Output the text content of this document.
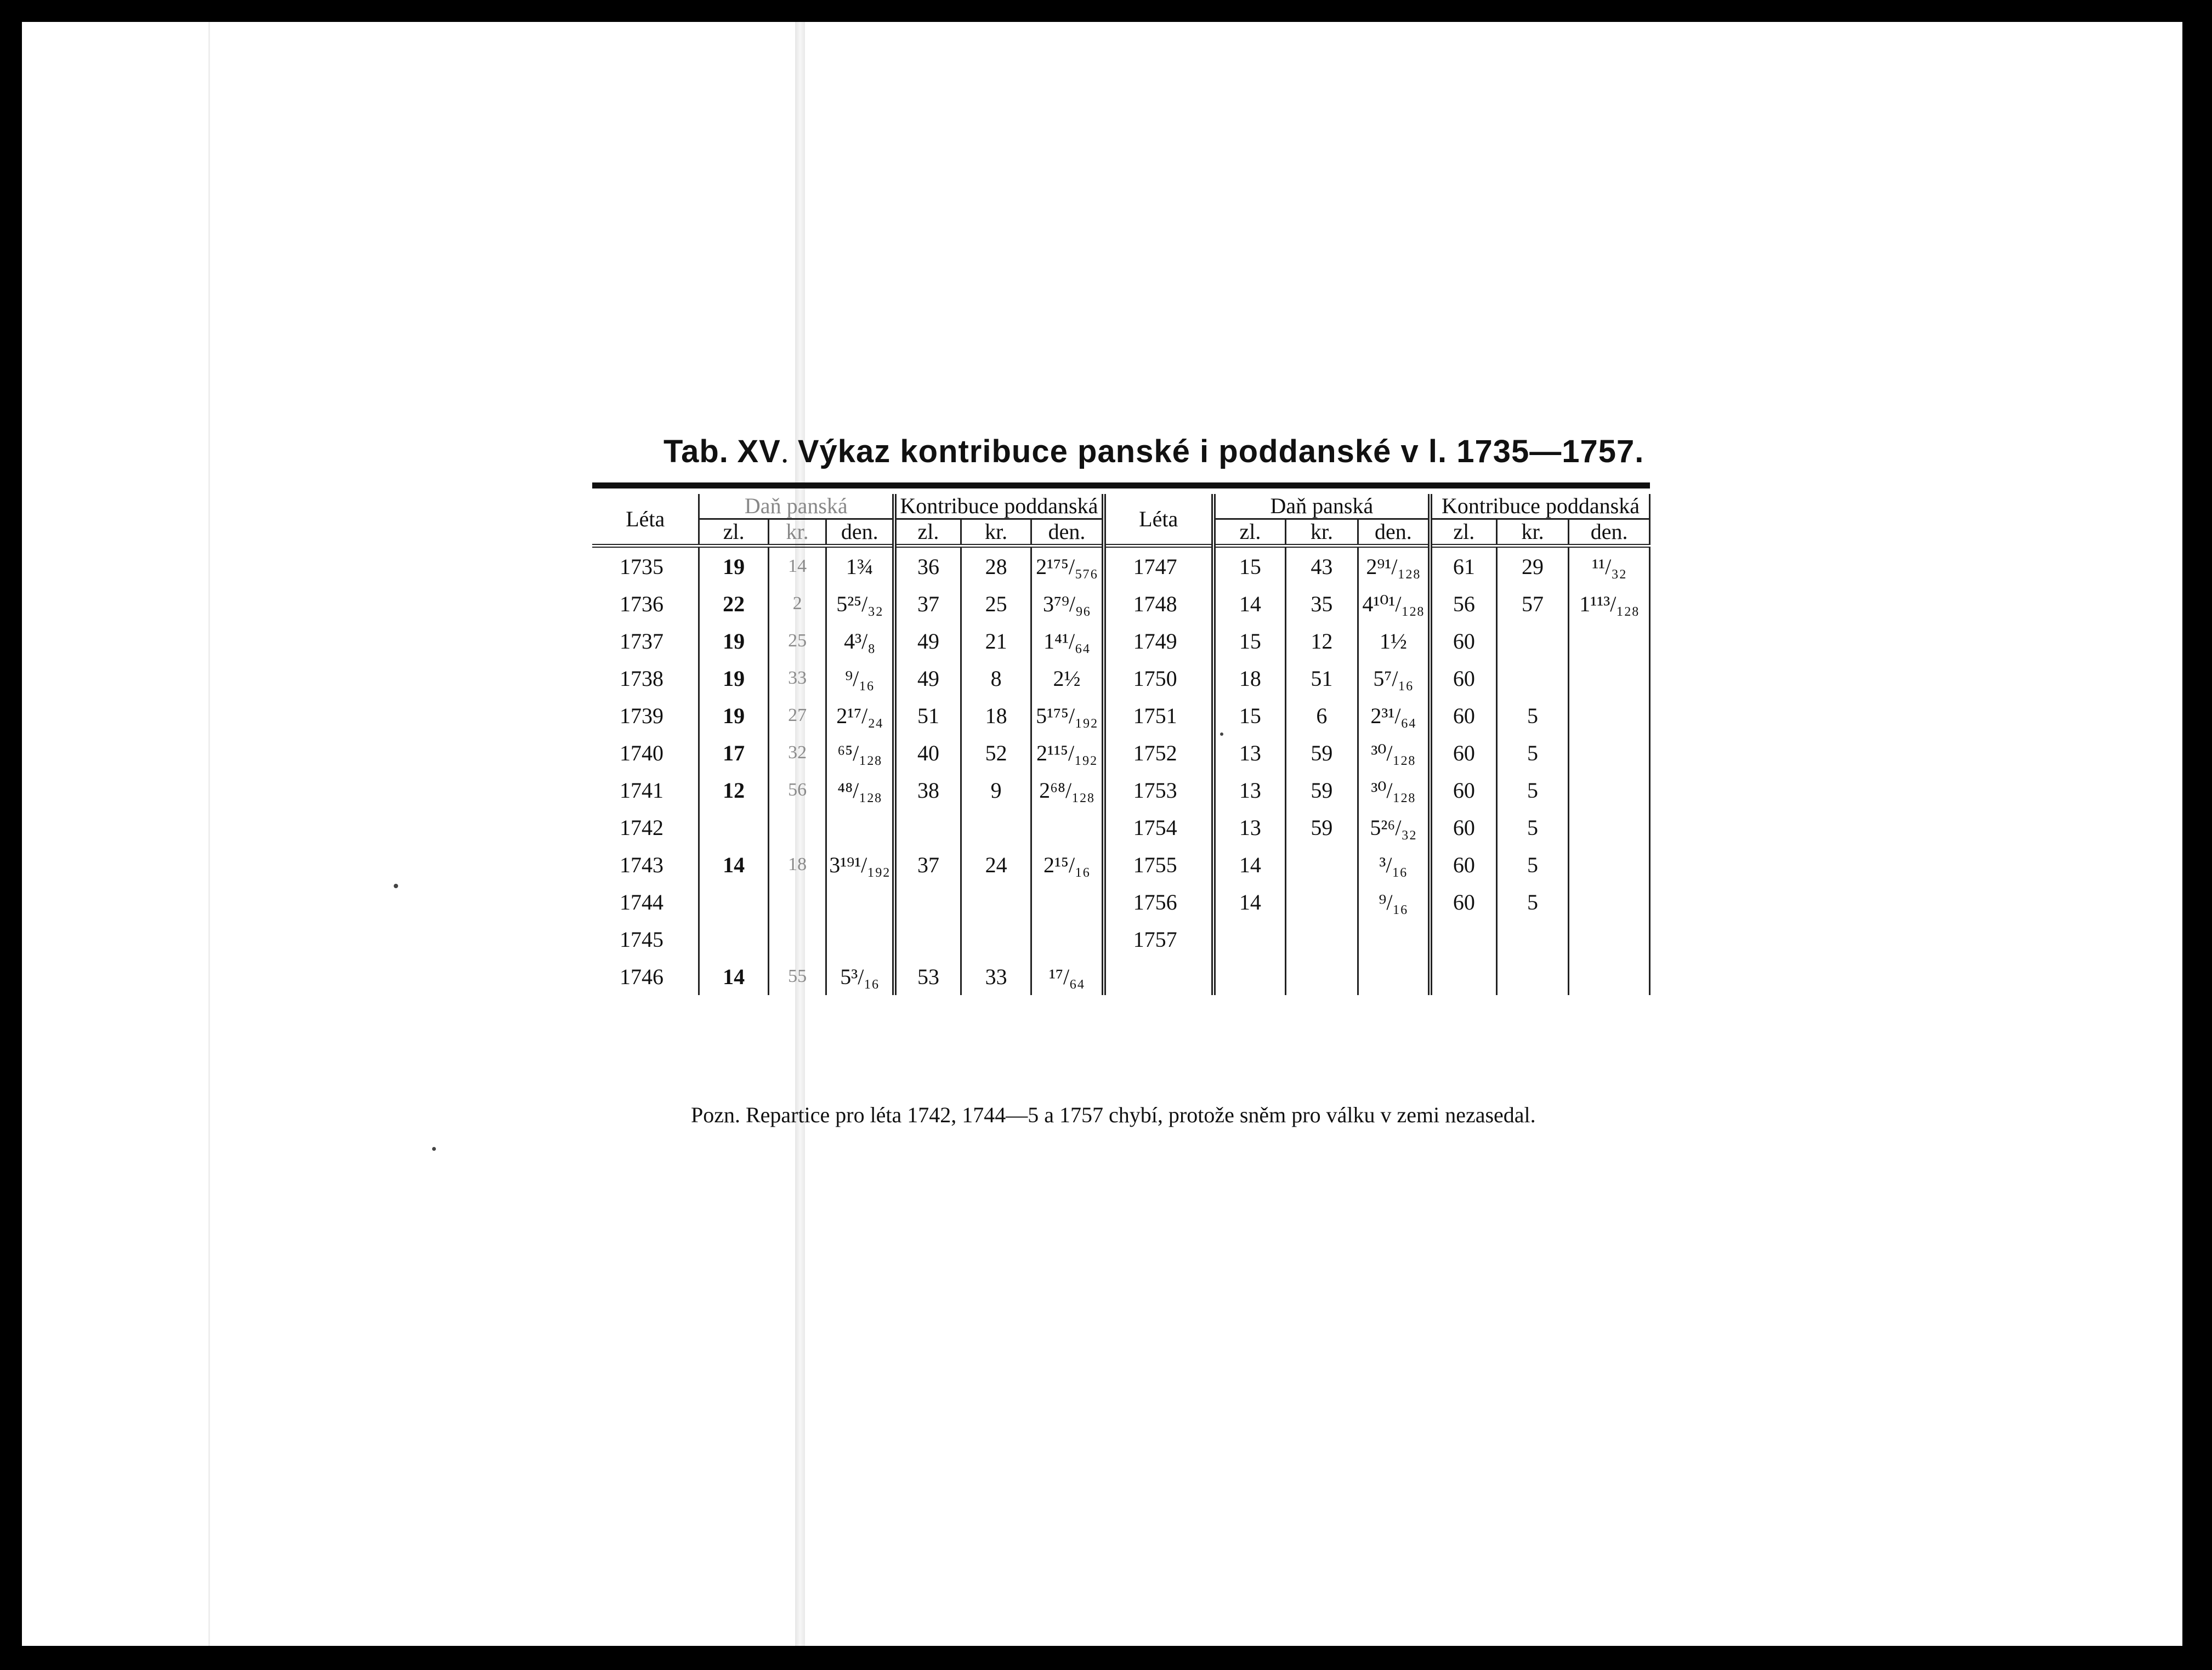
Tab. XV. Výkaz kontribuce panské i poddanské v l. 1735—1757.

Léta	Daň panská			Kontribuce poddanská			Léta	Daň panská			Kontribuce poddanská		
	zl.	kr.	den.	zl.	kr.	den.		zl.	kr.	den.	zl.	kr.	den.
1735	19	14	1¾	36	28	2¹⁷⁵/₅₇₆	1747	15	43	2⁹¹/₁₂₈	61	29	¹¹/₃₂
1736	22	2	5²⁵/₃₂	37	25	3⁷⁹/₉₆	1748	14	35	4¹⁰¹/₁₂₈	56	57	1¹¹³/₁₂₈
1737	19	25	4³/₈	49	21	1⁴¹/₆₄	1749	15	12	1½	60		
1738	19	33	⁹/₁₆	49	8	2½	1750	18	51	5⁷/₁₆	60		
1739	19	27	2¹⁷/₂₄	51	18	5¹⁷⁵/₁₉₂	1751	15	6	2³¹/₆₄	60	5	
1740	17	32	⁶⁵/₁₂₈	40	52	2¹¹⁵/₁₉₂	1752	13	59	³⁰/₁₂₈	60	5	
1741	12	56	⁴⁸/₁₂₈	38	9	2⁶⁸/₁₂₈	1753	13	59	³⁰/₁₂₈	60	5	
1742							1754	13	59	5²⁶/₃₂	60	5	
1743	14	18	3¹⁹¹/₁₉₂	37	24	2¹⁵/₁₆	1755	14		³/₁₆	60	5	
1744							1756	14		⁹/₁₆	60	5	
1745							1757						
1746	14	55	5³/₁₆	53	33	¹⁷/₆₄							
Pozn. Repartice pro léta 1742, 1744—5 a 1757 chybí, protože sněm pro válku v zemi nezasedal.
